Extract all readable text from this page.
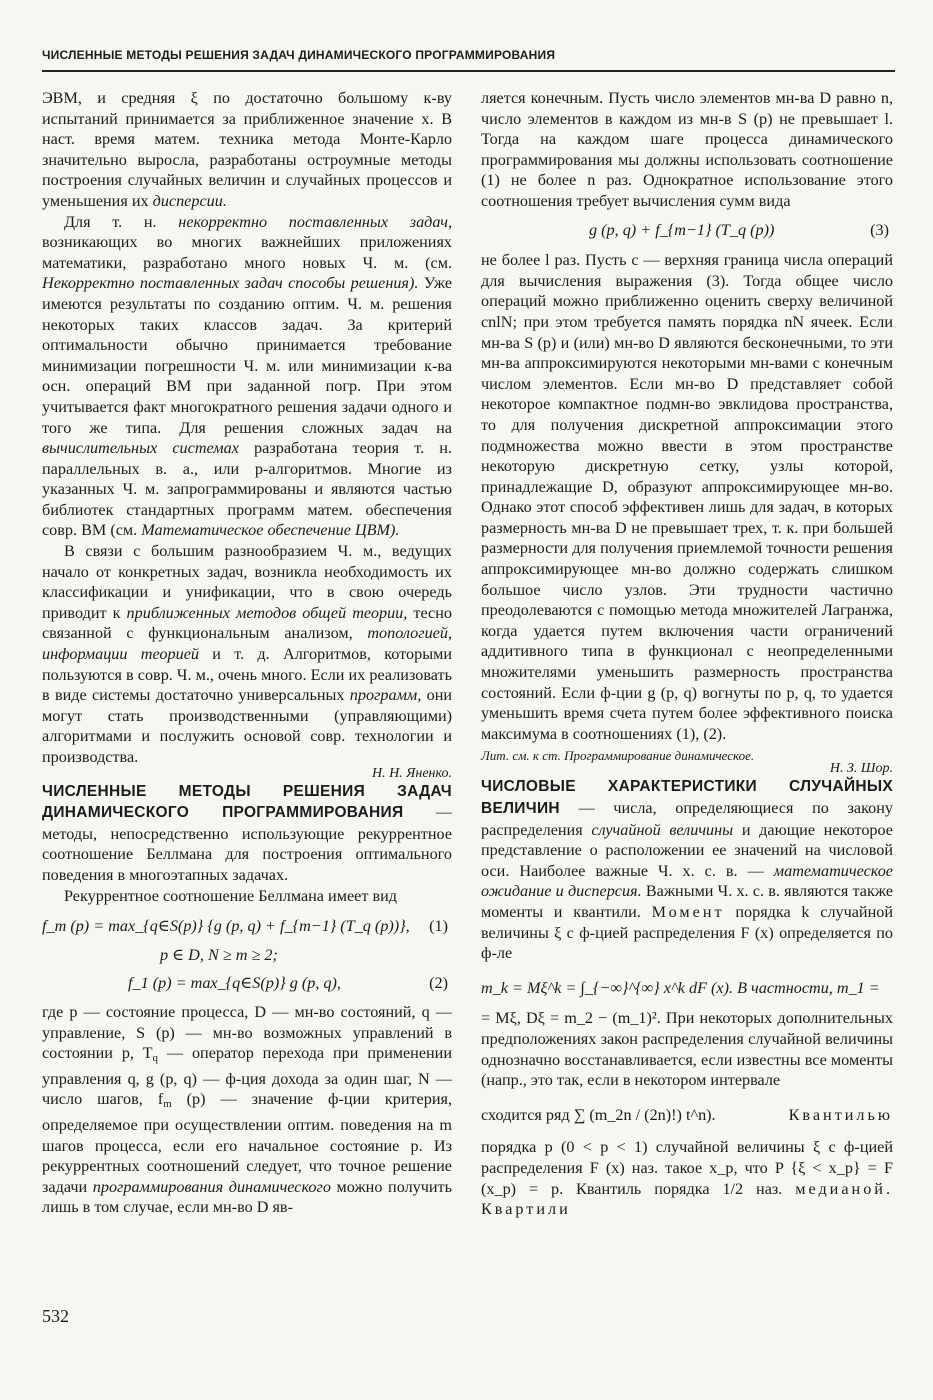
ЧИСЛЕННЫЕ МЕТОДЫ РЕШЕНИЯ ЗАДАЧ ДИНАМИЧЕСКОГО ПРОГРАММИРОВАНИЯ

ЭВМ, и средняя ξ по достаточно большому к-ву испытаний принимается за приближенное значение x. В наст. время матем. техника метода Монте-Карло значительно выросла, разработаны остроумные методы построения случайных величин и случайных процессов и уменьшения их дисперсии.

Для т. н. некорректно поставленных задач, возникающих во многих важнейших приложениях математики, разработано много новых Ч. м. (см. Некорректно поставленных задач способы решения). Уже имеются результаты по созданию оптим. Ч. м. решения некоторых таких классов задач. За критерий оптимальности обычно принимается требование минимизации погрешности Ч. м. или минимизации к-ва осн. операций ВМ при заданной погр. При этом учитывается факт многократного решения задачи одного и того же типа. Для решения сложных задач на вычислительных системах разработана теория т. н. параллельных в. а., или р-алгоритмов. Многие из указанных Ч. м. запрограммированы и являются частью библиотек стандартных программ матем. обеспечения совр. ВМ (см. Математическое обеспечение ЦВМ).

В связи с большим разнообразием Ч. м., ведущих начало от конкретных задач, возникла необходимость их классификации и унификации, что в свою очередь приводит к приближенных методов общей теории, тесно связанной с функциональным анализом, топологией, информации теорией и т. д. Алгоритмов, которыми пользуются в совр. Ч. м., очень много. Если их реализовать в виде системы достаточно универсальных программ, они могут стать производственными (управляющими) алгоритмами и послужить основой совр. технологии и производства.

Н. Н. Яненко.

ЧИСЛЕННЫЕ МЕТОДЫ РЕШЕНИЯ ЗАДАЧ ДИНАМИЧЕСКОГО ПРОГРАММИРОВАНИЯ — методы, непосредственно использующие рекуррентное соотношение Беллмана для построения оптимального поведения в многоэтапных задачах.

Рекуррентное соотношение Беллмана имеет вид

f_m (p) = max_{q∈S(p)} {g (p, q) + f_{m−1} (T_q (p))},	(1)
p ∈ D, N ≥ m ≥ 2;
f_1 (p) = max_{q∈S(p)} g (p, q),	(2)

где p — состояние процесса, D — мн-во состояний, q — управление, S (p) — мн-во возможных управлений в состоянии p, $T_q$ — оператор перехода при применении управления q, g (p, q) — ф-ция дохода за один шаг, N — число шагов, $f_m$ (p) — значение ф-ции критерия, определяемое при осуществлении оптим. поведения на m шагов процесса, если его начальное состояние p. Из рекуррентных соотношений следует, что точное решение задачи программирования динамического можно получить лишь в том случае, если мн-во D яв-

ляется конечным. Пусть число элементов мн-ва D равно n, число элементов в каждом из мн-в S (p) не превышает l. Тогда на каждом шаге процесса динамического программирования мы должны использовать соотношение (1) не более n раз. Однократное использование этого соотношения требует вычисления сумм вида

g (p, q) + f_{m−1} (T_q (p))	(3)

не более l раз. Пусть c — верхняя граница числа операций для вычисления выражения (3). Тогда общее число операций можно приближенно оценить сверху величиной cnlN; при этом требуется память порядка nN ячеек. Если мн-ва S (p) и (или) мн-во D являются бесконечными, то эти мн-ва аппроксимируются некоторыми мн-вами с конечным числом элементов. Если мн-во D представляет собой некоторое компактное подмн-во эвклидова пространства, то для получения дискретной аппроксимации этого подмножества можно ввести в этом пространстве некоторую дискретную сетку, узлы которой, принадлежащие D, образуют аппроксимирующее мн-во. Однако этот способ эффективен лишь для задач, в которых размерность мн-ва D не превышает трех, т. к. при большей размерности для получения приемлемой точности решения аппроксимирующее мн-во должно содержать слишком большое число узлов. Эти трудности частично преодолеваются с помощью метода множителей Лагранжа, когда удается путем включения части ограничений аддитивного типа в функционал с неопределенными множителями уменьшить размерность пространства состояний. Если ф-ции g (p, q) вогнуты по p, q, то удается уменьшить время счета путем более эффективного поиска максимума в соотношениях (1), (2).

Лит. см. к ст. Программирование динамическое.
Н. З. Шор.

ЧИСЛОВЫЕ ХАРАКТЕРИСТИКИ СЛУЧАЙНЫХ ВЕЛИЧИН — числа, определяющиеся по закону распределения случайной величины и дающие некоторое представление о расположении ее значений на числовой оси. Наиболее важные Ч. х. с. в. — математическое ожидание и дисперсия. Важными Ч. х. с. в. являются также моменты и квантили. Момент порядка k случайной величины ξ с ф-цией распределения F (x) определяется по ф-ле

m_k = Mξ^k = ∫_{−∞}^{∞} x^k dF (x). В частности, m_1 =

= Mξ, Dξ = m_2 − (m_1)². При некоторых дополнительных предположениях закон распределения случайной величины однозначно восстанавливается, если известны все моменты (напр., это так, если в некотором интервале

сходится ряд ∑ (m_2n / (2n)!) t^n).	Квантилью

порядка p (0 < p < 1) случайной величины ξ с ф-цией распределения F (x) наз. такое x_p, что P {ξ < x_p} = F (x_p) = p. Квантиль порядка 1/2 наз. медианой. Квартили

532
